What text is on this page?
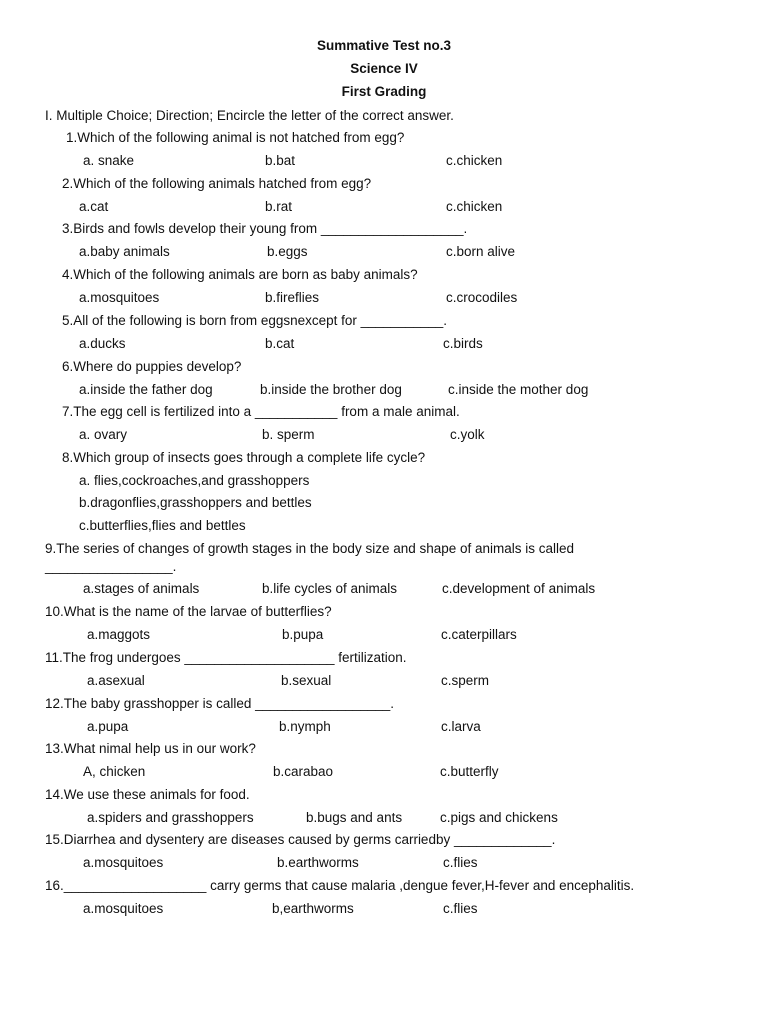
Summative Test no.3
Science IV
First Grading
I. Multiple Choice; Direction; Encircle the letter of the correct answer.
1.Which of the following animal is not hatched from egg?
a. snake	b.bat	c.chicken
2.Which of the following animals hatched from egg?
a.cat	b.rat	c.chicken
3.Birds and fowls develop their young from ___________________.
a.baby animals	b.eggs	c.born alive
4.Which of the following animals are born as baby animals?
a.mosquitoes	b.fireflies	c.crocodiles
5.All of the following is born from eggsnexcept for ___________.
a.ducks	b.cat	c.birds
6.Where do puppies develop?
a.inside the father dog	b.inside the brother dog	c.inside the mother dog
7.The egg cell is fertilized into a ___________ from a male animal.
a. ovary	b. sperm	c.yolk
8.Which group of insects goes through a complete life cycle?
a. flies,cockroaches,and grasshoppers
b.dragonflies,grasshoppers and bettles
c.butterflies,flies and bettles
9.The series of changes of growth stages in the body size and shape of animals is called
_________________.
a.stages of animals	b.life cycles of animals	c.development of animals
10.What is the name of the larvae of butterflies?
a.maggots	b.pupa	c.caterpillars
11.The frog undergoes ____________________ fertilization.
a.asexual	b.sexual	c.sperm
12.The baby grasshopper is called __________________.
a.pupa	b.nymph	c.larva
13.What nimal help us in our work?
A, chicken	b.carabao	c.butterfly
14.We use these animals for food.
a.spiders and grasshoppers	b.bugs and ants	c.pigs and chickens
15.Diarrhea and dysentery are diseases caused by germs carriedby _____________.
a.mosquitoes	b.earthworms	c.flies
16.___________________ carry germs that cause malaria ,dengue fever,H-fever and encephalitis.
a.mosquitoes	b,earthworms	c.flies
